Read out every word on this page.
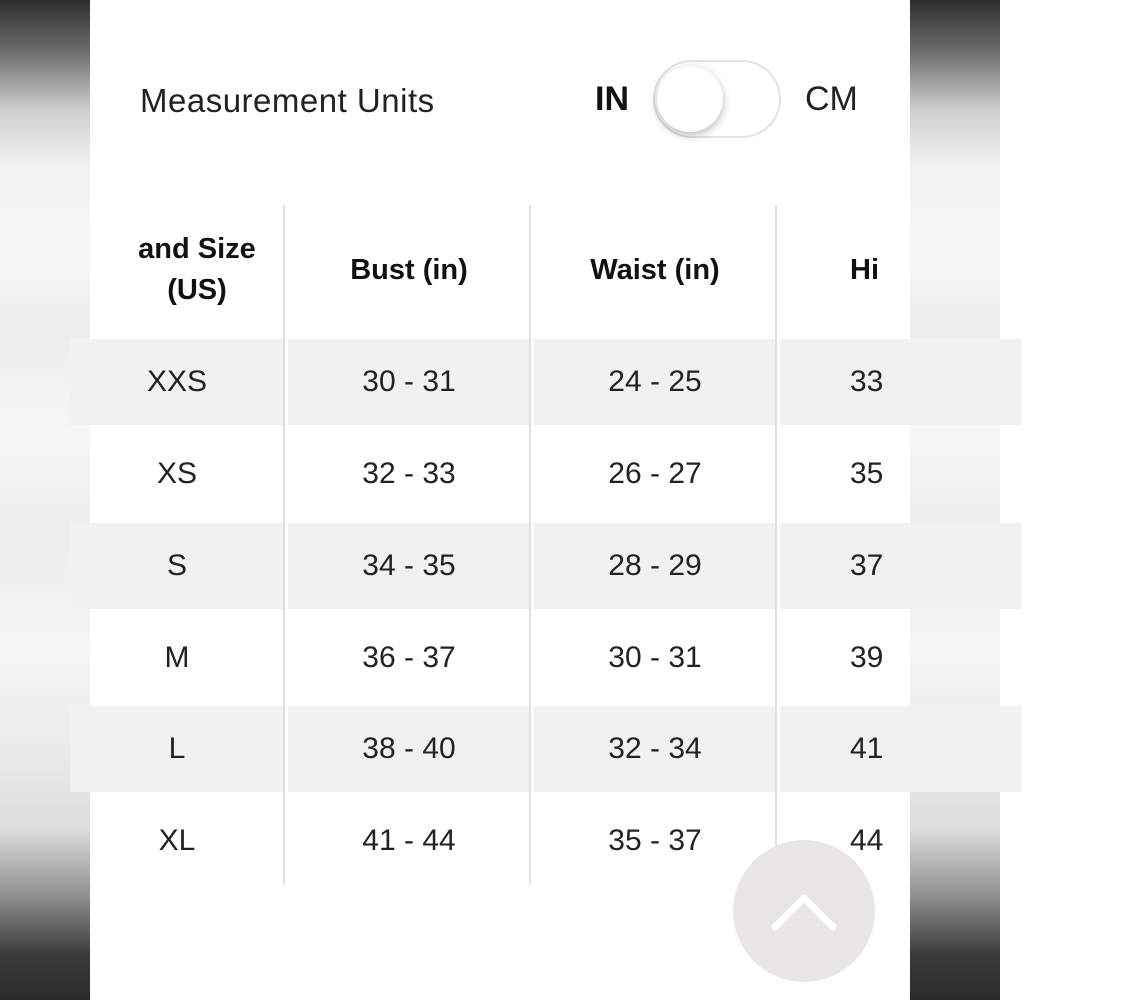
Measurement Units	IN	CM
and Size
(US)
Bust (in)	Waist (in)	Hi
XXS	30 - 31	24 - 25	33
XS	32 - 33	26 - 27	35
S	34 - 35	28 - 29	37
M	36 - 37	30 - 31	39
L	38 - 40	32 - 34	41
XL	41 - 44	35 - 37	44
